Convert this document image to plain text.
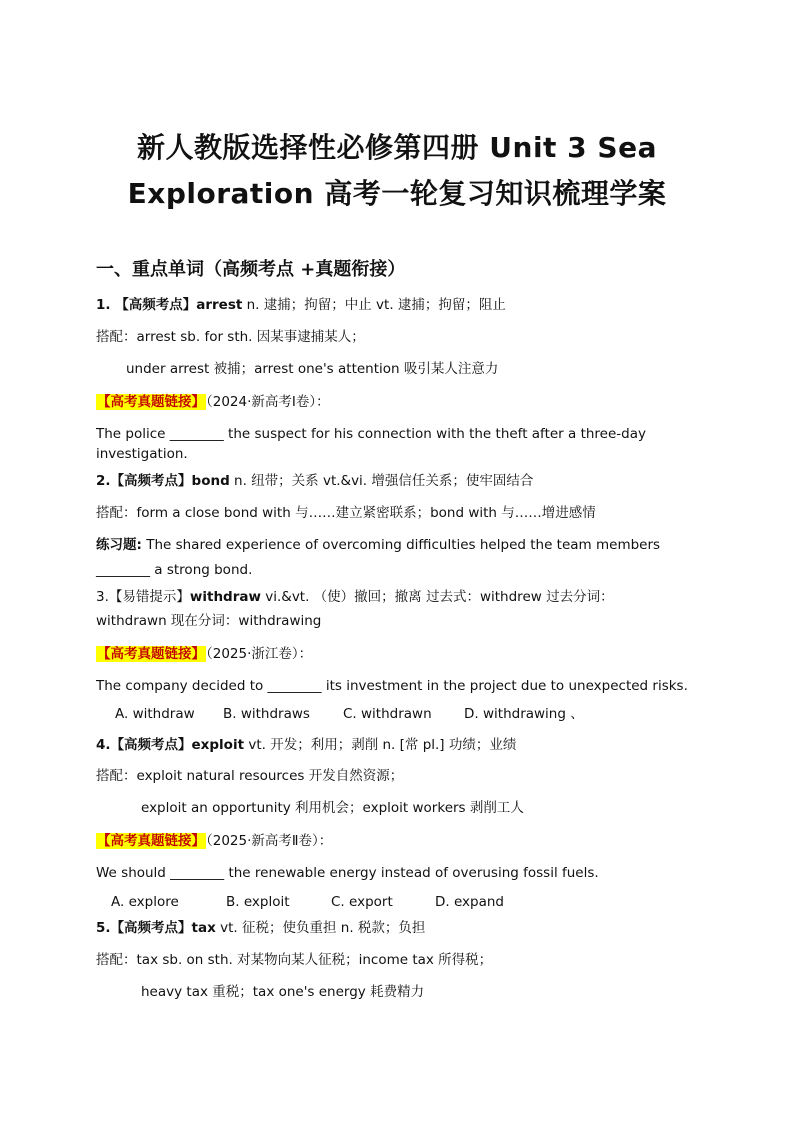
新人教版选择性必修第四册 Unit 3 Sea
Exploration 高考一轮复习知识梳理学案
一、重点单词（高频考点 +真题衔接）
1. 【高频考点】arrest n. 逮捕；拘留；中止 vt. 逮捕；拘留；阻止
搭配：arrest sb. for sth. 因某事逮捕某人；
under arrest 被捕；arrest one's attention 吸引某人注意力
【高考真题链接】（2024·新高考Ⅰ卷）：
The police ________ the suspect for his connection with the theft after a three-day
investigation.
2.【高频考点】bond n. 纽带；关系 vt.&vi. 增强信任关系；使牢固结合
搭配：form a close bond with 与……建立紧密联系；bond with 与……增进感情
练习题: The shared experience of overcoming difficulties helped the team members
________ a strong bond.
3.【易错提示】withdraw vi.&vt. （使）撤回；撤离 过去式：withdrew 过去分词：
withdrawn 现在分词：withdrawing
【高考真题链接】（2025·浙江卷）：
The company decided to ________ its investment in the project due to unexpected risks.
A. withdraw B. withdraws C. withdrawn D. withdrawing 、
4.【高频考点】exploit vt. 开发；利用；剥削 n. [常 pl.] 功绩；业绩
搭配：exploit natural resources 开发自然资源；
exploit an opportunity 利用机会；exploit workers 剥削工人
【高考真题链接】（2025·新高考Ⅱ卷）：
We should ________ the renewable energy instead of overusing fossil fuels.
A. explore	B. exploit	C. export	D. expand
5.【高频考点】tax vt. 征税；使负重担 n. 税款；负担
搭配：tax sb. on sth. 对某物向某人征税；income tax 所得税；
heavy tax 重税；tax one's energy 耗费精力
